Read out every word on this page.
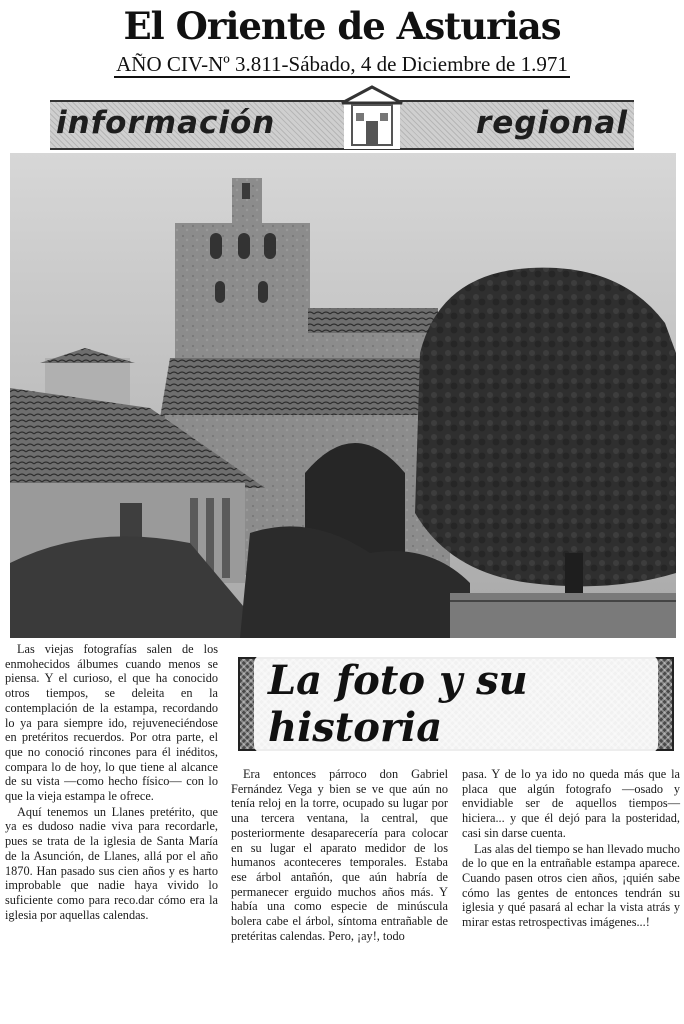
El Oriente de Asturias
AÑO CIV-Nº 3.811-Sábado, 4 de Diciembre de 1.971
información	regional

Las viejas fotografías salen de los enmohecidos álbumes cuando menos se piensa. Y el curioso, el que ha conocido otros tiempos, se deleita en la contemplación de la estampa, recordando lo ya para siempre ido, rejuveneciéndose en pretéritos recuerdos. Por otra parte, el que no conoció rincones para él inéditos, compara lo de hoy, lo que tiene al alcance de su vista —como hecho físico— con lo que la vieja estampa le ofrece.

Aquí tenemos un Llanes pretérito, que ya es dudoso nadie viva para recordarle, pues se trata de la iglesia de Santa María de la Asunción, de Llanes, allá por el año 1870. Han pasado sus cien años y es harto improbable que nadie haya vivido lo suficiente como para reco.dar cómo era la iglesia por aquellas calendas.

La foto y su historia

Era entonces párroco don Gabriel Fernández Vega y bien se ve que aún no tenía reloj en la torre, ocupado su lugar por una tercera ventana, la central, que posteriormente desaparecería para colocar en su lugar el aparato medidor de los humanos aconteceres temporales. Estaba ese árbol antañón, que aún habría de permanecer erguido muchos años más. Y había una como especie de minúscula bolera cabe el árbol, síntoma entrañable de pretéritas calendas. Pero, ¡ay!, todo

pasa. Y de lo ya ido no queda más que la placa que algún fotografo —osado y envidiable ser de aquellos tiempos— hiciera... y que él dejó para la posteridad, casi sin darse cuenta.

Las alas del tiempo se han llevado mucho de lo que en la entrañable estampa aparece. Cuando pasen otros cien años, ¡quién sabe cómo las gentes de entonces tendrán su iglesia y qué pasará al echar la vista atrás y mirar estas retrospectivas imágenes...!
